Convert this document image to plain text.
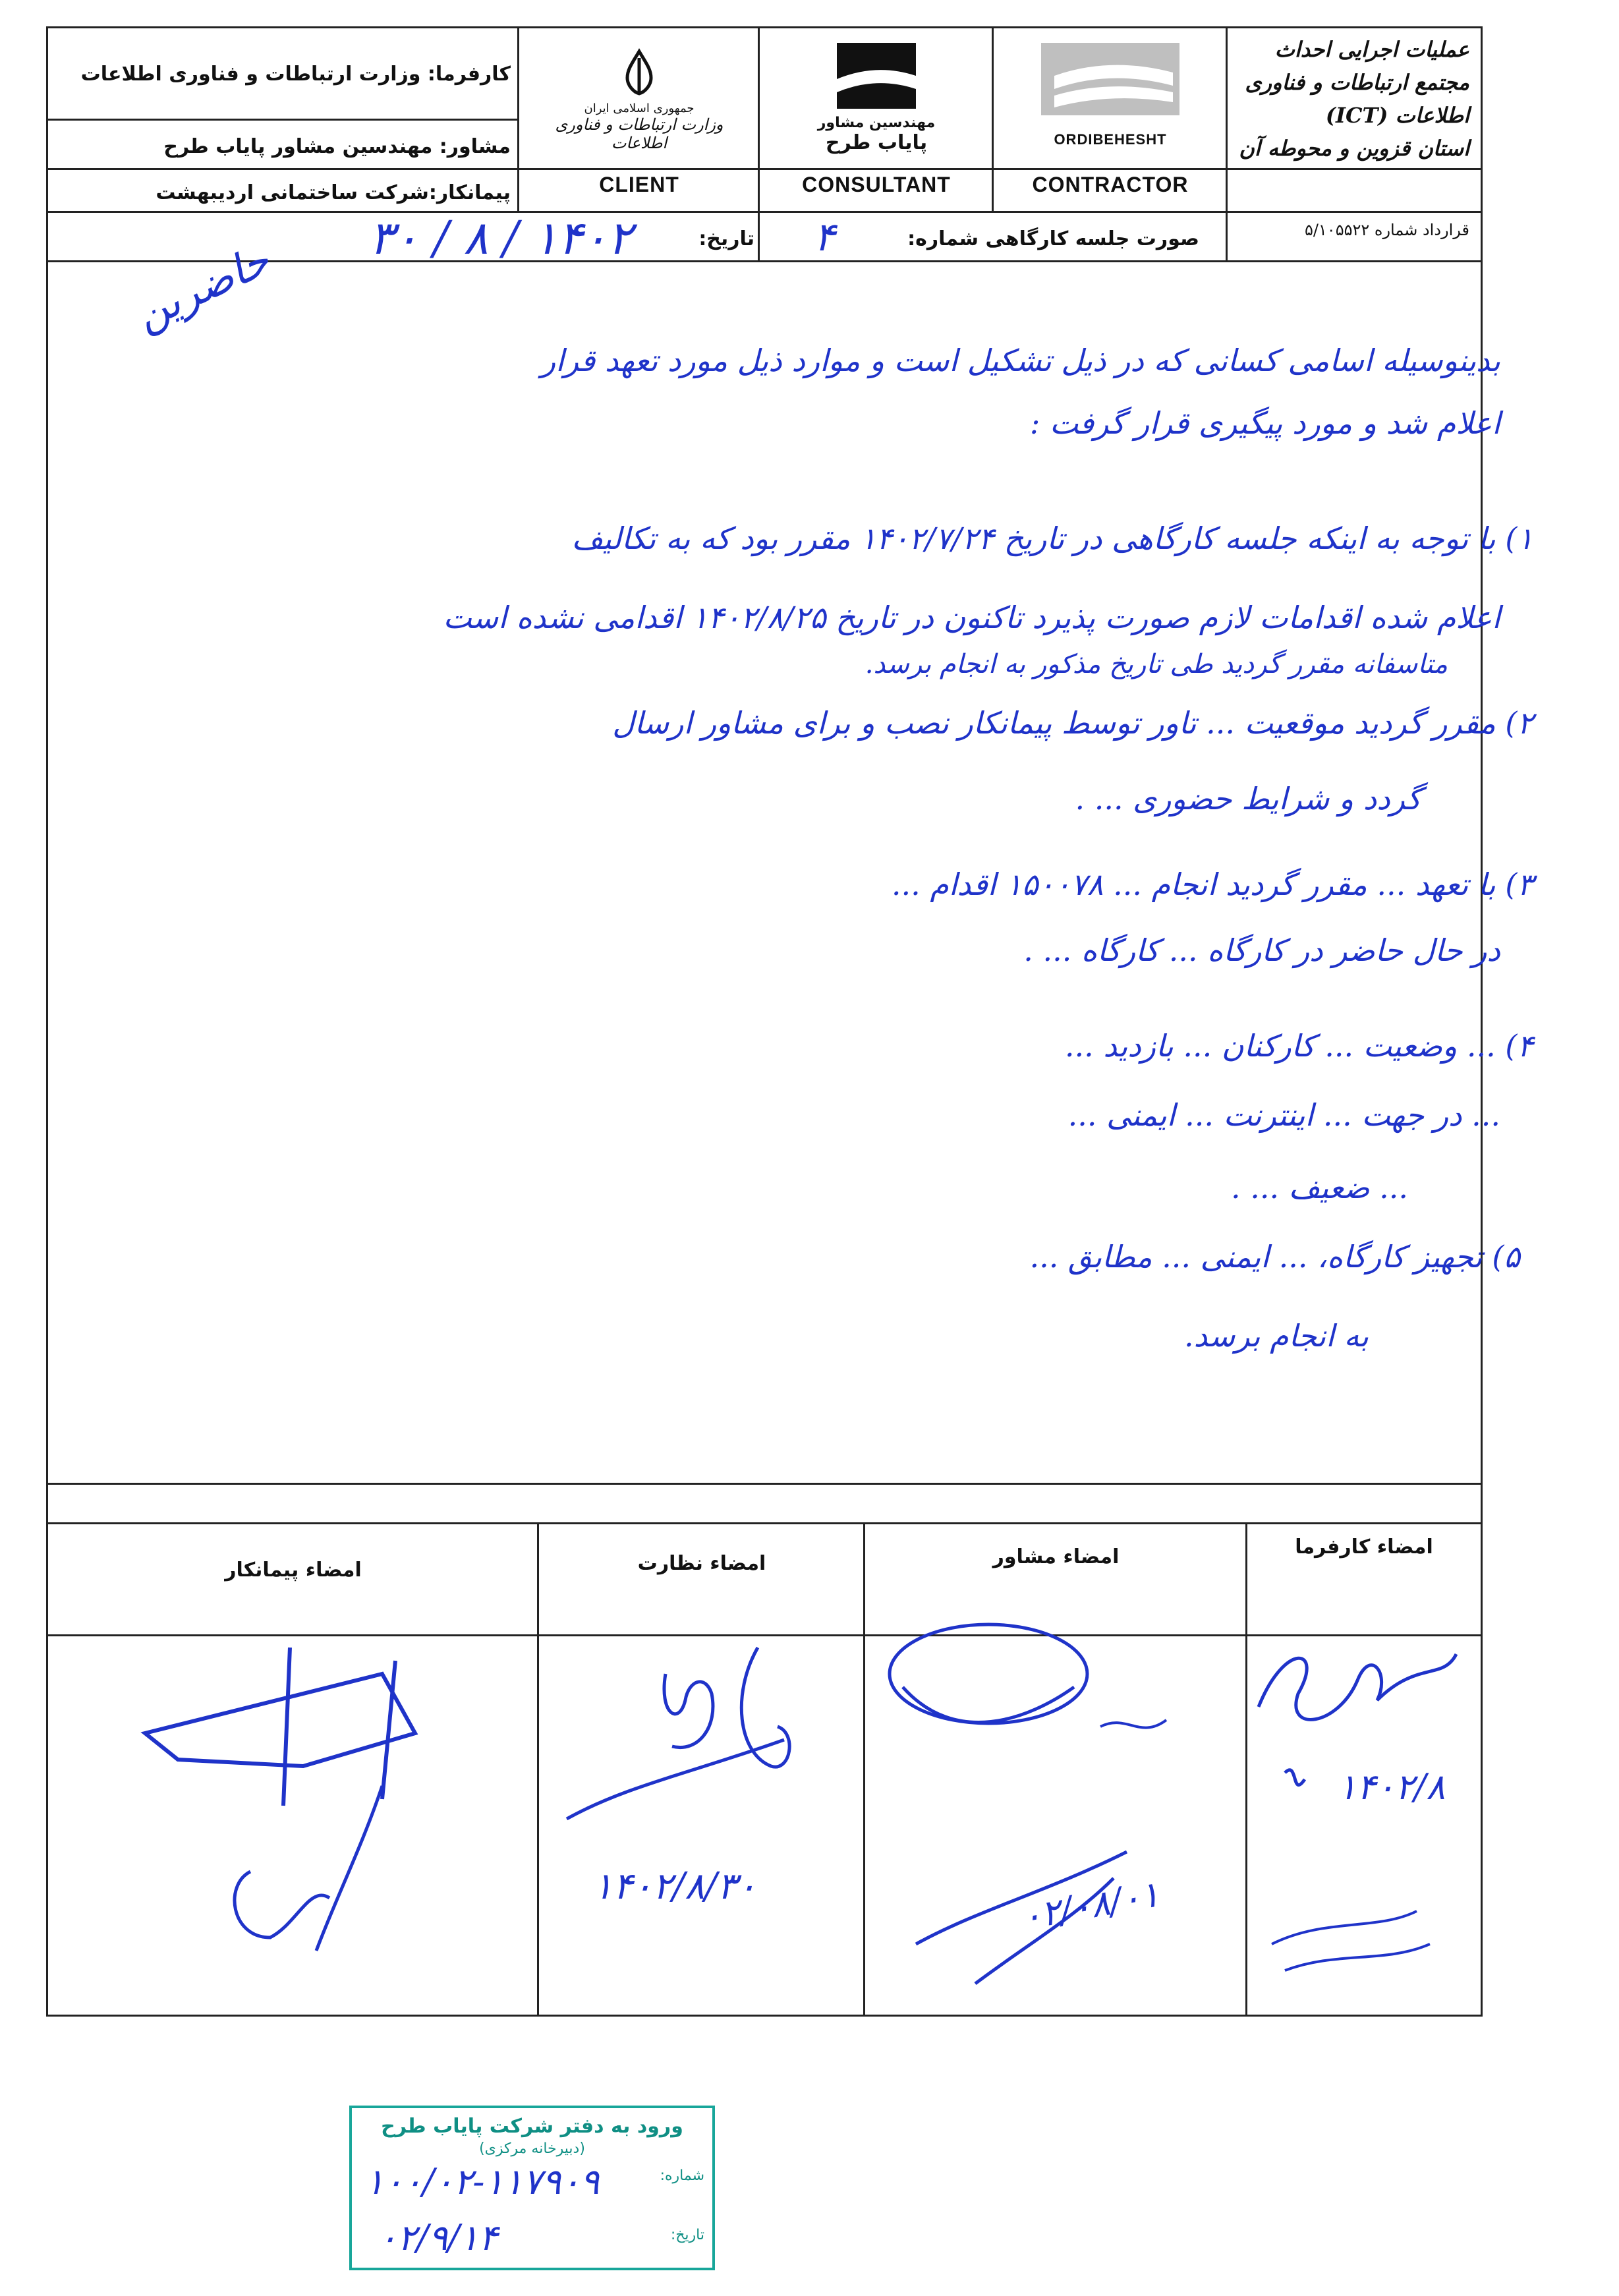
عملیات اجرایی احداث
مجتمع ارتباطات و فناوری
اطلاعات (ICT)
استان قزوین و محوطه آن
قرارداد شماره ۵/۱۰۵۵۲۲
ORDIBEHESHT
CONTRACTOR
مهندسین مشاور
پایاب طرح
CONSULTANT
جمهوری اسلامی ایران
وزارت ارتباطات و فناوری اطلاعات
CLIENT
کارفرما: وزارت ارتباطات و فناوری اطلاعات
مشاور: مهندسین مشاور پایاب طرح
پیمانکار:شرکت ساختمانی اردیبهشت
صورت جلسه کارگاهی شماره:
۴
تاریخ:
۱۴۰۲ / ۸ / ۳۰
حاضرین
بدینوسیله اسامی کسانی که در ذیل تشکیل است و موارد ذیل مورد تعهد قرار
اعلام شد و مورد پیگیری قرار گرفت :
۱) با توجه به اینکه جلسه کارگاهی در تاریخ ۱۴۰۲/۷/۲۴ مقرر بود که به تکالیف
اعلام شده اقدامات لازم صورت پذیرد تاکنون در تاریخ ۱۴۰۲/۸/۲۵ اقدامی نشده است
متاسفانه مقرر گردید طی تاریخ مذکور به انجام برسد.
۲) مقرر گردید موقعیت ... تاور توسط پیمانکار نصب و برای مشاور ارسال
گردد و شرایط حضوری ... .
۳) با تعهد ... مقرر گردید انجام ... ۱۵۰۰۷۸ اقدام ...
در حال حاضر در کارگاه ... کارگاه ... .
۴) ... وضعیت ... کارکنان ... بازدید ...
... در جهت ... اینترنت ... ایمنی ...
... ضعیف ... .
۵) تجهیز کارگاه، ... ایمنی ... مطابق ...
به انجام برسد.
امضاء کارفرما
امضاء مشاور
امضاء نظارت
امضاء پیمانکار
۱۴۰۲/۸
۰۲/۰۸/۰۱
۱۴۰۲/۸/۳۰
ورود به دفتر شرکت پایاب طرح
(دبیرخانه مرکزی)
شماره:
۱۰۰/۰۲-۱۱۷۹۰۹
تاریخ:
۰۲/۹/۱۴
